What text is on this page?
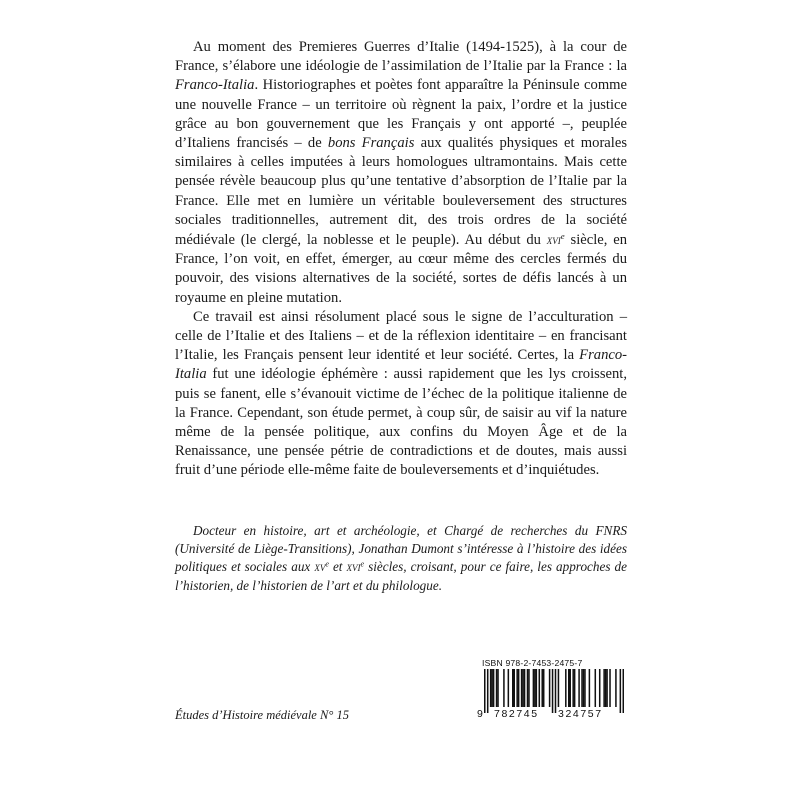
Au moment des Premieres Guerres d’Italie (1494-1525), à la cour de France, s’élabore une idéologie de l’assimilation de l’Italie par la France : la Franco-Italia. Historiographes et poètes font apparaître la Péninsule comme une nouvelle France – un territoire où règnent la paix, l’ordre et la justice grâce au bon gouvernement que les Français y ont apporté –, peuplée d’Italiens francisés – de bons Français aux qualités physiques et morales similaires à celles imputées à leurs homologues ultramontains. Mais cette pensée révèle beaucoup plus qu’une tentative d’absorption de l’Italie par la France. Elle met en lumière un véritable bouleversement des structures sociales traditionnelles, autrement dit, des trois ordres de la société médiévale (le clergé, la noblesse et le peuple). Au début du xvi$^e$ siècle, en France, l’on voit, en effet, émerger, au cœur même des cercles fermés du pouvoir, des visions alternatives de la société, sortes de défis lancés à un royaume en pleine mutation.

Ce travail est ainsi résolument placé sous le signe de l’acculturation – celle de l’Italie et des Italiens – et de la réflexion identitaire – en francisant l’Italie, les Français pensent leur identité et leur société. Certes, la Franco-Italia fut une idéologie éphémère : aussi rapidement que les lys croissent, puis se fanent, elle s’évanouit victime de l’échec de la politique italienne de la France. Cependant, son étude permet, à coup sûr, de saisir au vif la nature même de la pensée politique, aux confins du Moyen Âge et de la Renaissance, une pensée pétrie de contradictions et de doutes, mais aussi fruit d’une période elle-même faite de bouleversements et d’inquiétudes.

Docteur en histoire, art et archéologie, et Chargé de recherches du FNRS (Université de Liège-Transitions), Jonathan Dumont s’intéresse à l’histoire des idées politiques et sociales aux $xv^e$ et xvi$^e$ siècles, croisant, pour ce faire, les approches de l’historien, de l’historien de l’art et du philologue.

Études d’Histoire médiévale N° 15
ISBN 978-2-7453-2475-7
9 782745 324757
